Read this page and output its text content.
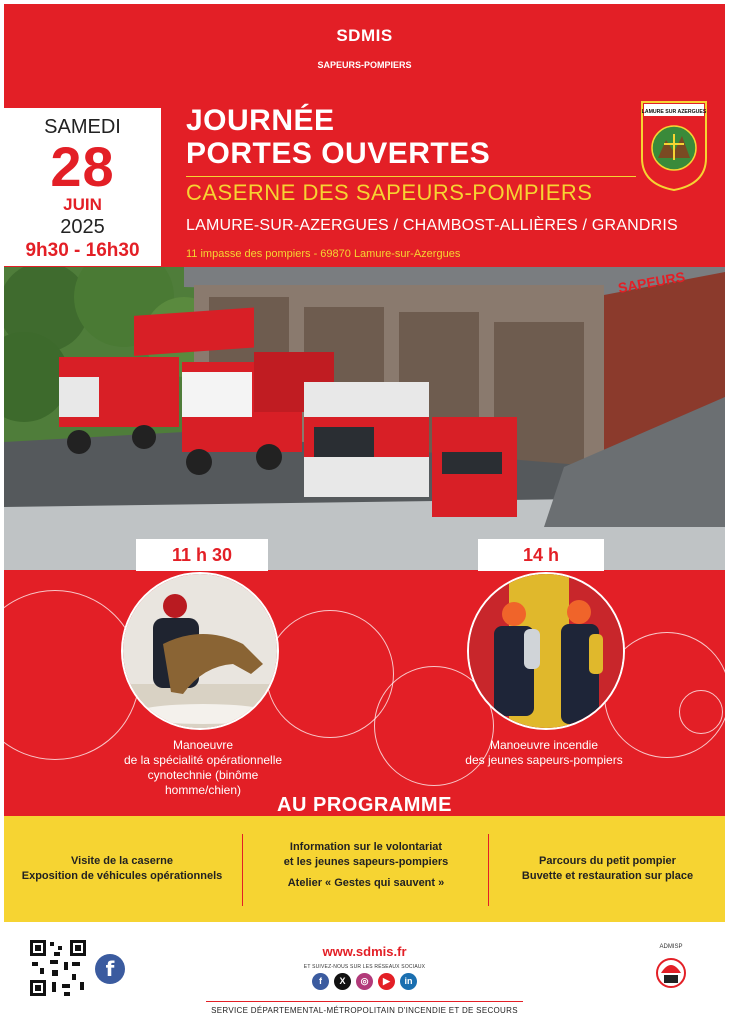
SDMIS
SAPEURS-POMPIERS
SAMEDI
28
JUIN
2025
9h30 - 16h30
JOURNÉE
PORTES OUVERTES
CASERNE DES SAPEURS-POMPIERS
LAMURE-SUR-AZERGUES / CHAMBOST-ALLIÈRES / GRANDRIS
11 impasse des pompiers - 69870 Lamure-sur-Azergues
LAMURE SUR AZERGUES
SAPEURS
Manoeuvre
de la spécialité opérationnelle
cynotechnie (binôme homme/chien)
Manoeuvre incendie
des jeunes sapeurs-pompiers
11 h 30	14 h
AU PROGRAMME

Visite de la caserne

Exposition de véhicules opérationnels

Information sur le volontariat

et les jeunes sapeurs-pompiers

Atelier « Gestes qui sauvent »

Parcours du petit pompier

Buvette et restauration sur place

f
www.sdmis.fr
ET SUIVEZ-NOUS SUR LES RÉSEAUX SOCIAUX
f	X	◎	▶	in
ADMISP
SERVICE DÉPARTEMENTAL-MÉTROPOLITAIN D'INCENDIE ET DE SECOURS
